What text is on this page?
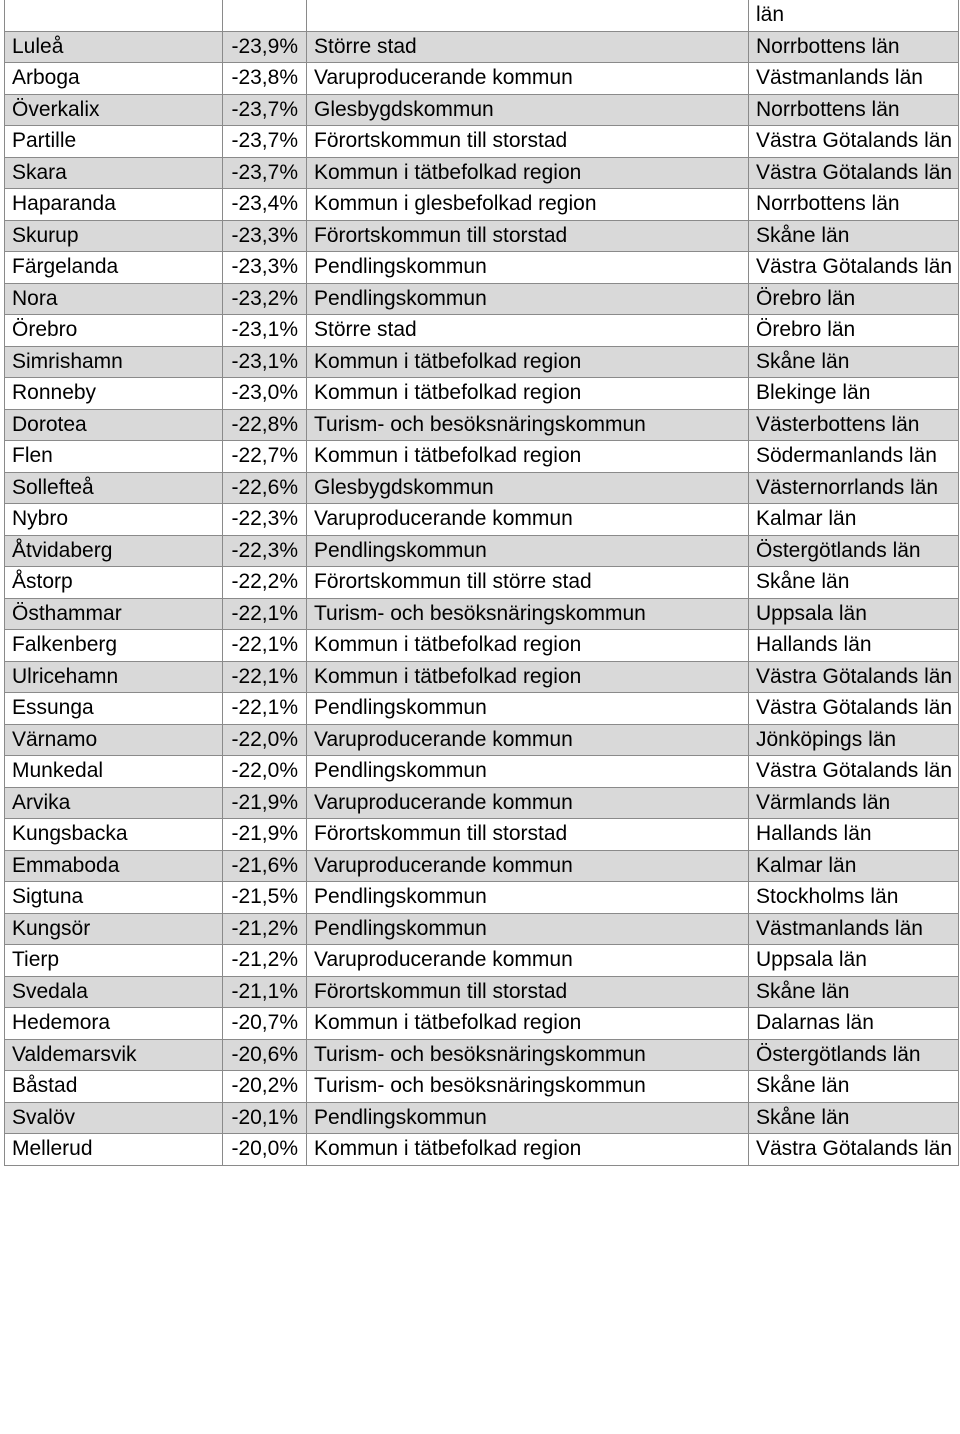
			län
Luleå	-23,9%	Större stad	Norrbottens län
Arboga	-23,8%	Varuproducerande kommun	Västmanlands län
Överkalix	-23,7%	Glesbygdskommun	Norrbottens län
Partille	-23,7%	Förortskommun till storstad	Västra Götalands län
Skara	-23,7%	Kommun i tätbefolkad region	Västra Götalands län
Haparanda	-23,4%	Kommun i glesbefolkad region	Norrbottens län
Skurup	-23,3%	Förortskommun till storstad	Skåne län
Färgelanda	-23,3%	Pendlingskommun	Västra Götalands län
Nora	-23,2%	Pendlingskommun	Örebro län
Örebro	-23,1%	Större stad	Örebro län
Simrishamn	-23,1%	Kommun i tätbefolkad region	Skåne län
Ronneby	-23,0%	Kommun i tätbefolkad region	Blekinge län
Dorotea	-22,8%	Turism- och besöksnäringskommun	Västerbottens län
Flen	-22,7%	Kommun i tätbefolkad region	Södermanlands län
Sollefteå	-22,6%	Glesbygdskommun	Västernorrlands län
Nybro	-22,3%	Varuproducerande kommun	Kalmar län
Åtvidaberg	-22,3%	Pendlingskommun	Östergötlands län
Åstorp	-22,2%	Förortskommun till större stad	Skåne län
Östhammar	-22,1%	Turism- och besöksnäringskommun	Uppsala län
Falkenberg	-22,1%	Kommun i tätbefolkad region	Hallands län
Ulricehamn	-22,1%	Kommun i tätbefolkad region	Västra Götalands län
Essunga	-22,1%	Pendlingskommun	Västra Götalands län
Värnamo	-22,0%	Varuproducerande kommun	Jönköpings län
Munkedal	-22,0%	Pendlingskommun	Västra Götalands län
Arvika	-21,9%	Varuproducerande kommun	Värmlands län
Kungsbacka	-21,9%	Förortskommun till storstad	Hallands län
Emmaboda	-21,6%	Varuproducerande kommun	Kalmar län
Sigtuna	-21,5%	Pendlingskommun	Stockholms län
Kungsör	-21,2%	Pendlingskommun	Västmanlands län
Tierp	-21,2%	Varuproducerande kommun	Uppsala län
Svedala	-21,1%	Förortskommun till storstad	Skåne län
Hedemora	-20,7%	Kommun i tätbefolkad region	Dalarnas län
Valdemarsvik	-20,6%	Turism- och besöksnäringskommun	Östergötlands län
Båstad	-20,2%	Turism- och besöksnäringskommun	Skåne län
Svalöv	-20,1%	Pendlingskommun	Skåne län
Mellerud	-20,0%	Kommun i tätbefolkad region	Västra Götalands län
